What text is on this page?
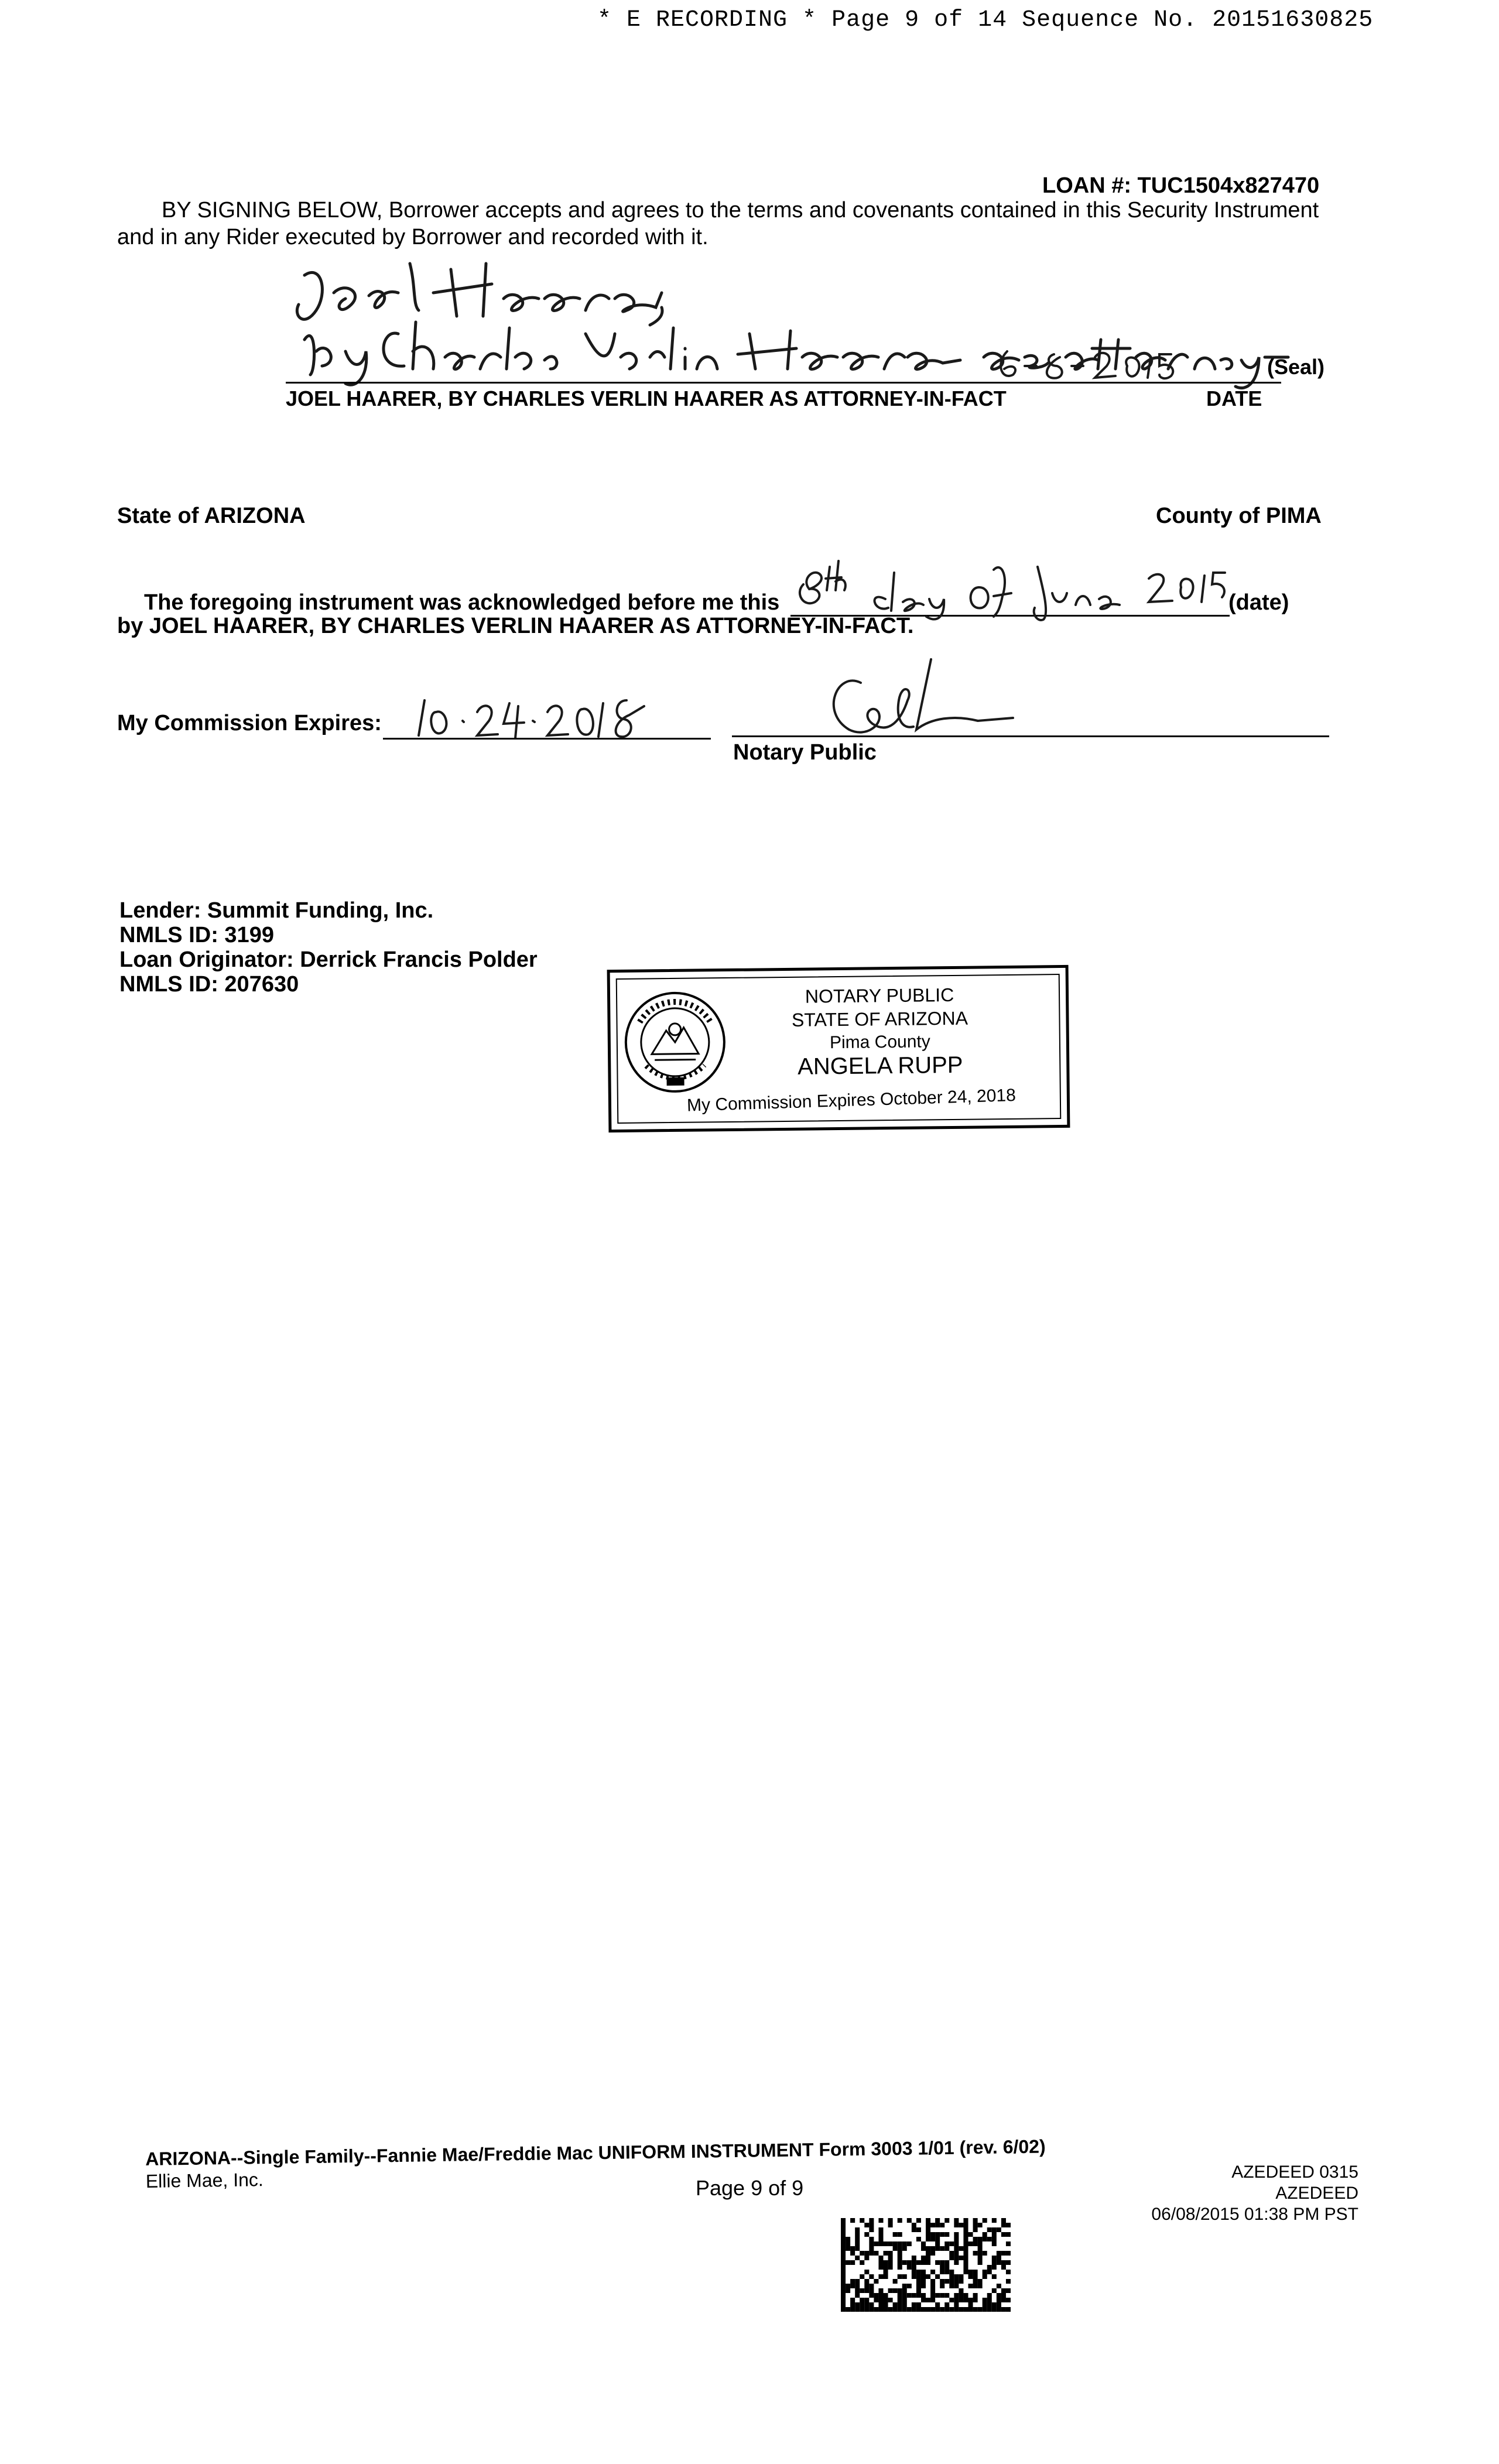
* E RECORDING * Page 9 of 14 Sequence No. 20151630825
LOAN #: TUC1504x827470
BY SIGNING BELOW, Borrower accepts and agrees to the terms and covenants contained in this Security Instrument and in any Rider executed by Borrower and recorded with it.
(Seal)
JOEL HAARER, BY CHARLES VERLIN HAARER AS ATTORNEY-IN-FACT	DATE
State of ARIZONA	County of PIMA
The foregoing instrument was acknowledged before me this	(date)
by JOEL HAARER, BY CHARLES VERLIN HAARER AS ATTORNEY-IN-FACT.
My Commission Expires:
Notary Public
Lender: Summit Funding, Inc.
NMLS ID: 3199
Loan Originator: Derrick Francis Polder
NMLS ID: 207630	NOTARY PUBLIC
STATE OF ARIZONA
Pima County
ANGELA RUPP
My Commission Expires October 24, 2018
ARIZONA--Single Family--Fannie Mae/Freddie Mac UNIFORM INSTRUMENT Form 3003 1/01 (rev. 6/02)
Ellie Mae, Inc.	Page 9 of 9
AZEDEED 0315
AZEDEED
06/08/2015 01:38 PM PST
